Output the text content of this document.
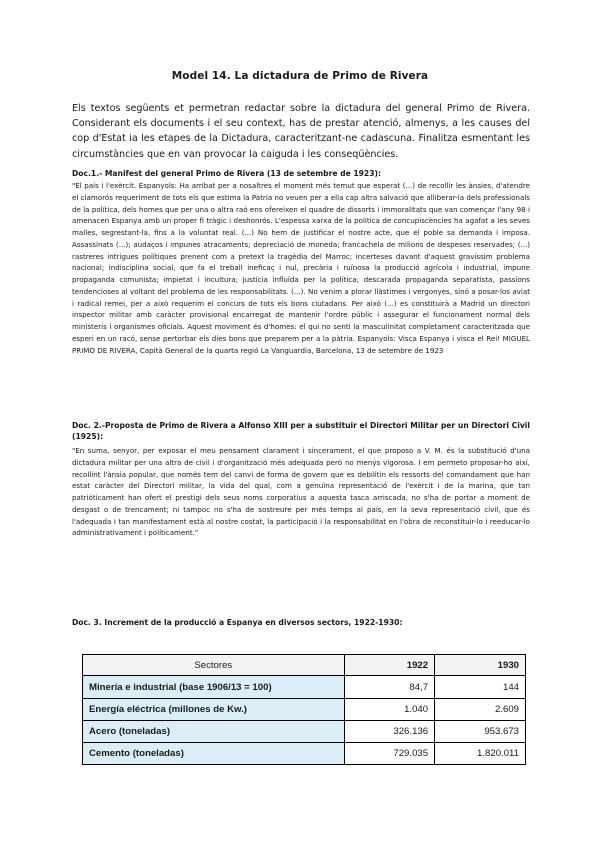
Model 14. La dictadura de Primo de Rivera
Els textos següents et permetran redactar sobre la dictadura del general Primo de Rivera. Considerant els documents i el seu context, has de prestar atenció, almenys, a les causes del cop d'Estat ia les etapes de la Dictadura, caracteritzant-ne cadascuna. Finalitza esmentant les circumstàncies que en van provocar la caiguda i les conseqüències.
Doc.1.- Manifest del general Primo de Rivera (13 de setembre de 1923):
"El país i l'exèrcit. Espanyols: Ha arribat per a nosaltres el moment més temut que esperat (...) de recollir les ànsies, d'atendre el clamorós requeriment de tots els que estima la Pàtria no veuen per a ella cap altra salvació que alliberar-la dels professionals de la política, dels homes que per una o altra raó ens ofereixen el quadre de dissorts i immoralitats que van començar l'any 98 i amenacen Espanya amb un proper fi tràgic i deshonrós. L'espessa xarxa de la política de concupiscències ha agafat a les seves malles, segrestant-la, fins a la voluntat real. (...) No hem de justificar el nostre acte, que el poble sa demanda i imposa. Assassinats (...); audaços i impunes atracaments; depreciació de moneda; francachela de milions de despeses reservades; (...) rastreres intrigues polítiques prenent com a pretext la tragèdia del Marroc; incerteses davant d'aquest gravíssim problema nacional; indisciplina social, que fa el treball ineficaç i nul, precària i ruïnosa la producció agrícola i industrial, impune propaganda comunista; impietat i incultura; justícia influïda per la política; descarada propaganda separatista, passions tendencioses al voltant del problema de les responsabilitats. (...). No venim a plorar llàstimes i vergonyes, sinó a posar-los aviat i radical remei, per a això requerim el concurs de tots els bons ciutadans. Per això (...) es constituirà a Madrid un directori inspector militar amb caràcter provisional encarregat de mantenir l'ordre públic i assegurar el funcionament normal dels ministeris i organismes oficials. Aquest moviment és d'homes: el qui no senti la masculinitat completament caracteritzada que esperi en un racó, sense pertorbar els dies bons que preparem per a la pàtria. Espanyols: Visca Espanya i visca el Rei! MIGUEL PRIMO DE RIVERA, Capità General de la quarta regió La Vanguardia, Barcelona, 13 de setembre de 1923
Doc. 2.-Proposta de Primo de Rivera a Alfonso XIII per a substituir el Directori Militar per un Directori Civil (1925):
"En suma, senyor, per exposar el meu pensament clarament i sincerament, el que proposo a V. M. és la substitució d'una dictadura militar per una altra de civil i d'organització més adequada però no menys vigorosa. I em permeto proposar-ho així, recollint l'ànsia popular, que només tem del canvi de forma de govern que es debilitin els ressorts del comandament que han estat caràcter del Directori militar, la vida del qual, com a genuïna representació de l'exèrcit i de la marina, que tan patrióticament han ofert el prestigi dels seus noms corporatius a aquesta tasca arriscada, no s'ha de portar a moment de desgast o de trencament; ni tampoc no s'ha de sostreure per més temps al país, en la seva representació civil, que és l'adequada i tan manifestament està al nostre costat, la participació i la responsabilitat en l'obra de reconstituir-lo i reeducar-lo administrativament i políticament."
Doc. 3. Increment de la producció a Espanya en diversos sectors, 1922-1930:
Sectores	1922	1930
Minería e industrial (base 1906/13 = 100)	84,7	144
Energía eléctrica (millones de Kw.)	1.040	2.609
Acero (toneladas)	326.136	953.673
Cemento (toneladas)	729.035	1.820.011
